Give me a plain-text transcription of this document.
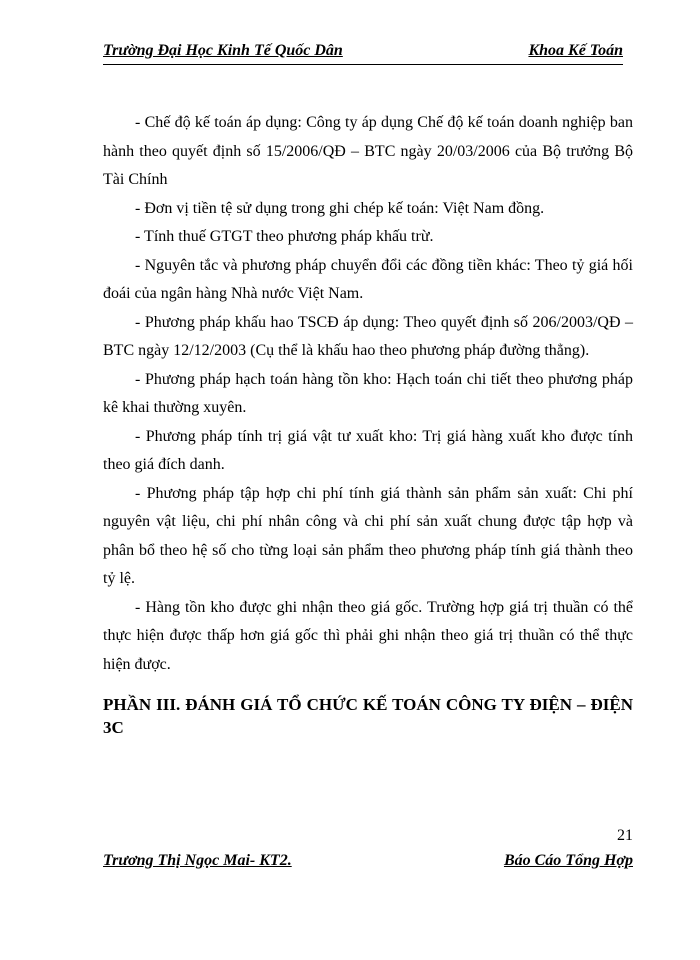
Trường Đại Học Kinh Tế Quốc Dân	Khoa Kế Toán

- Chế độ kế toán áp dụng: Công ty áp dụng Chế độ kế toán doanh nghiệp ban hành theo quyết định số 15/2006/QĐ – BTC ngày 20/03/2006 của Bộ trưởng Bộ Tài Chính

- Đơn vị tiền tệ sử dụng trong ghi chép kế toán: Việt Nam đồng.

- Tính thuế GTGT theo phương pháp khấu trừ.

- Nguyên tắc và phương pháp chuyển đổi các đồng tiền khác: Theo tỷ giá hối đoái của ngân hàng Nhà nước Việt Nam.

- Phương pháp khấu hao TSCĐ áp dụng: Theo quyết định số 206/2003/QĐ – BTC ngày 12/12/2003 (Cụ thể là khấu hao theo phương pháp đường thẳng).

- Phương pháp hạch toán hàng tồn kho: Hạch toán chi tiết theo phương pháp kê khai thường xuyên.

- Phương pháp tính trị giá vật tư xuất kho: Trị giá hàng xuất kho được tính theo giá đích danh.

- Phương pháp tập hợp chi phí tính giá thành sản phẩm sản xuất: Chi phí nguyên vật liệu, chi phí nhân công và chi phí sản xuất chung được tập hợp và phân bổ theo hệ số cho từng loại sản phẩm theo phương pháp tính giá thành theo tỷ lệ.

- Hàng tồn kho được ghi nhận theo giá gốc. Trường hợp giá trị thuần có thể thực hiện được thấp hơn giá gốc thì phải ghi nhận theo giá trị thuần có thể thực hiện được.

PHẦN III. ĐÁNH GIÁ TỔ CHỨC KẾ TOÁN CÔNG TY ĐIỆN – ĐIỆN 3C
21
Trương Thị Ngọc Mai- KT2.	Báo Cáo Tổng Hợp
